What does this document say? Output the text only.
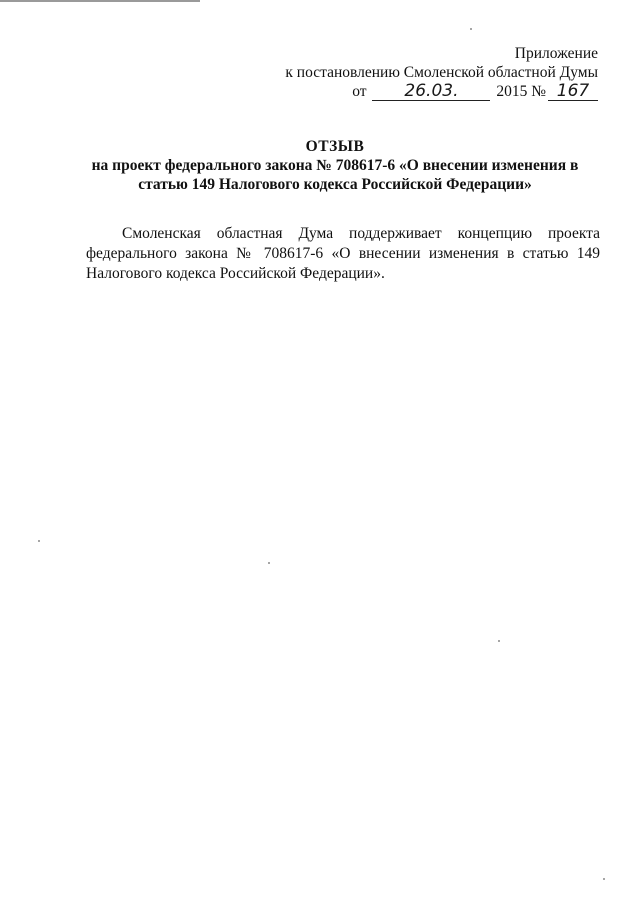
Приложение
к постановлению Смоленской областной Думы
от 26.03. 2015 № 167
ОТЗЫВ
на проект федерального закона № 708617-6 «О внесении изменения в
статью 149 Налогового кодекса Российской Федерации»
Смоленская областная Дума поддерживает концепцию проекта федерального закона № 708617-6 «О внесении изменения в статью 149 Налогового кодекса Российской Федерации».
